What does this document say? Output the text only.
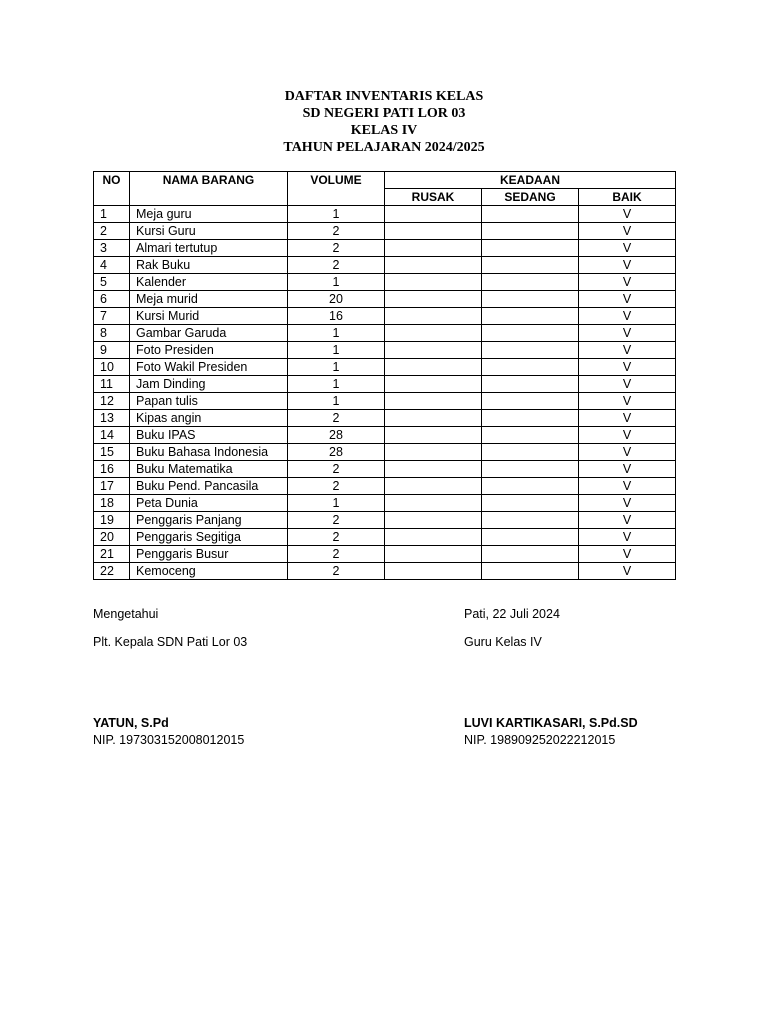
DAFTAR INVENTARIS KELAS
SD NEGERI PATI LOR 03
KELAS IV
TAHUN PELAJARAN 2024/2025
NO	NAMA BARANG	VOLUME	KEADAAN		
			RUSAK	SEDANG	BAIK
1	Meja guru	1			V
2	Kursi Guru	2			V
3	Almari tertutup	2			V
4	Rak Buku	2			V
5	Kalender	1			V
6	Meja murid	20			V
7	Kursi Murid	16			V
8	Gambar Garuda	1			V
9	Foto Presiden	1			V
10	Foto Wakil Presiden	1			V
11	Jam Dinding	1			V
12	Papan tulis	1			V
13	Kipas angin	2			V
14	Buku IPAS	28			V
15	Buku Bahasa Indonesia	28			V
16	Buku Matematika	2			V
17	Buku Pend. Pancasila	2			V
18	Peta Dunia	1			V
19	Penggaris Panjang	2			V
20	Penggaris Segitiga	2			V
21	Penggaris Busur	2			V
22	Kemoceng	2			V
Mengetahui
Plt. Kepala SDN Pati Lor 03
YATUN, S.Pd
NIP. 197303152008012015
Pati, 22 Juli 2024
Guru Kelas IV
LUVI KARTIKASARI, S.Pd.SD
NIP. 198909252022212015
